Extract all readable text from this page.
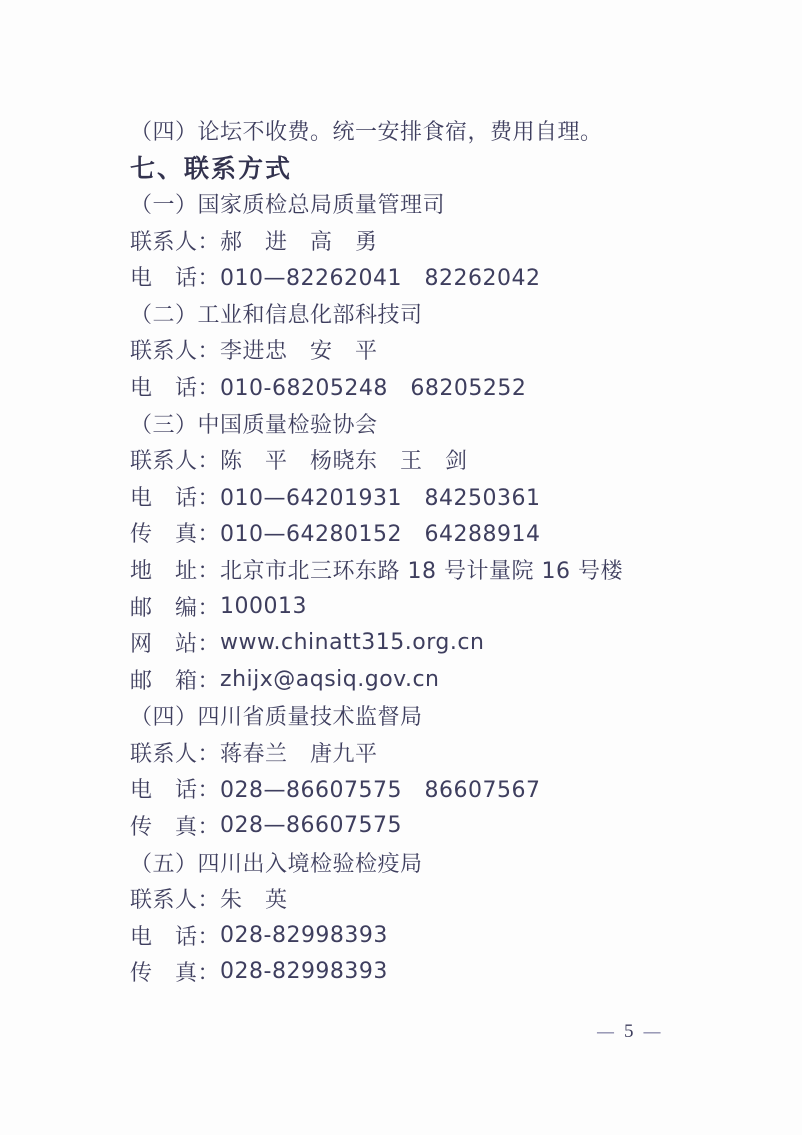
（四）论坛不收费。统一安排食宿，费用自理。
七、联系方式
（一）国家质检总局质量管理司
联系人： 郝　进　高　勇
电　话： 010—82262041　82262042
（二）工业和信息化部科技司
联系人： 李进忠　安　平
电　话： 010-68205248　68205252
（三）中国质量检验协会
联系人： 陈　平　杨晓东　王　剑
电　话： 010—64201931　84250361
传　真： 010—64280152　64288914
地　址： 北京市北三环东路 18 号计量院 16 号楼
邮　编： 100013
网　站： www.chinatt315.org.cn
邮　箱： zhijx@aqsiq.gov.cn
（四）四川省质量技术监督局
联系人： 蒋春兰　唐九平
电　话： 028—86607575　86607567
传　真： 028—86607575
（五）四川出入境检验检疫局
联系人： 朱　英
电　话： 028-82998393
传　真： 028-82998393
— 5 —
